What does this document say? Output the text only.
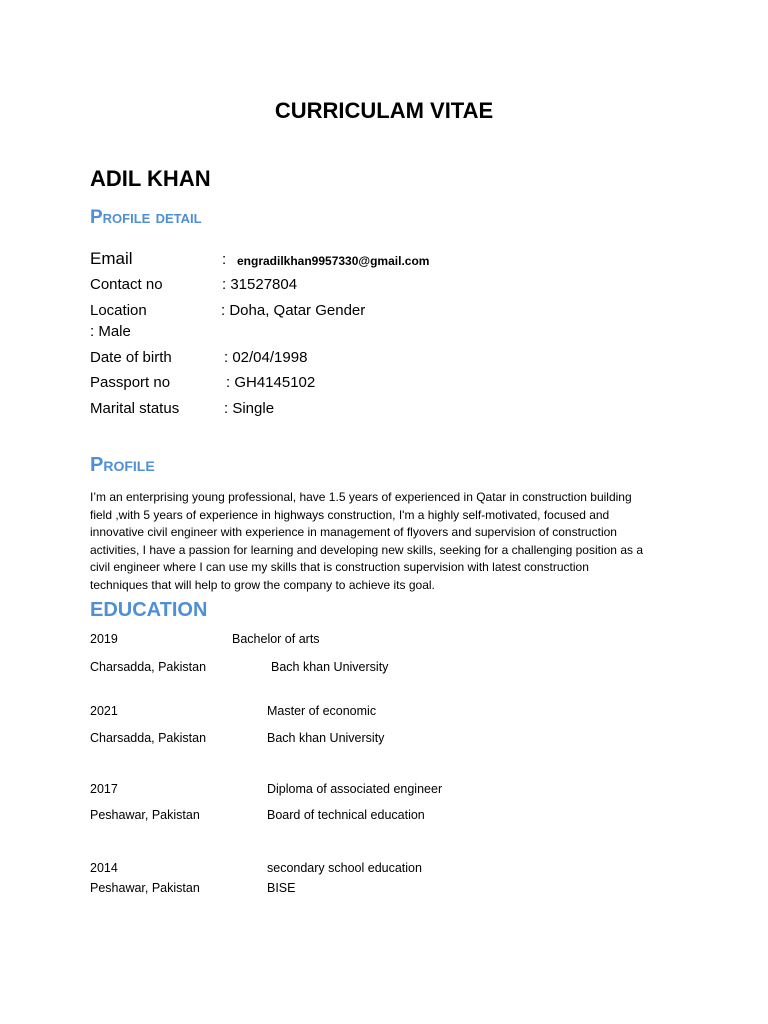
CURRICULAM VITAE
ADIL KHAN
Profile detail
Email	: engradilkhan9957330@gmail.com
Contact no	: 31527804
Location	: Doha, Qatar Gender
: Male
Date of birth	: 02/04/1998
Passport no	: GH4145102
Marital status	: Single
Profile
I’m an enterprising young professional, have 1.5 years of experienced in Qatar in construction building
field ,with 5 years of experience in highways construction, I'm a highly self-motivated, focused and
innovative civil engineer with experience in management of flyovers and supervision of construction
activities, I have a passion for learning and developing new skills, seeking for a challenging position as a
civil engineer where I can use my skills that is construction supervision with latest construction
techniques that will help to grow the company to achieve its goal.
EDUCATION
2019	Bachelor of arts
Charsadda, Pakistan	Bach khan University
2021	Master of economic
Charsadda, Pakistan	Bach khan University
2017	Diploma of associated engineer
Peshawar, Pakistan	Board of technical education
2014	secondary school education
Peshawar, Pakistan	BISE
